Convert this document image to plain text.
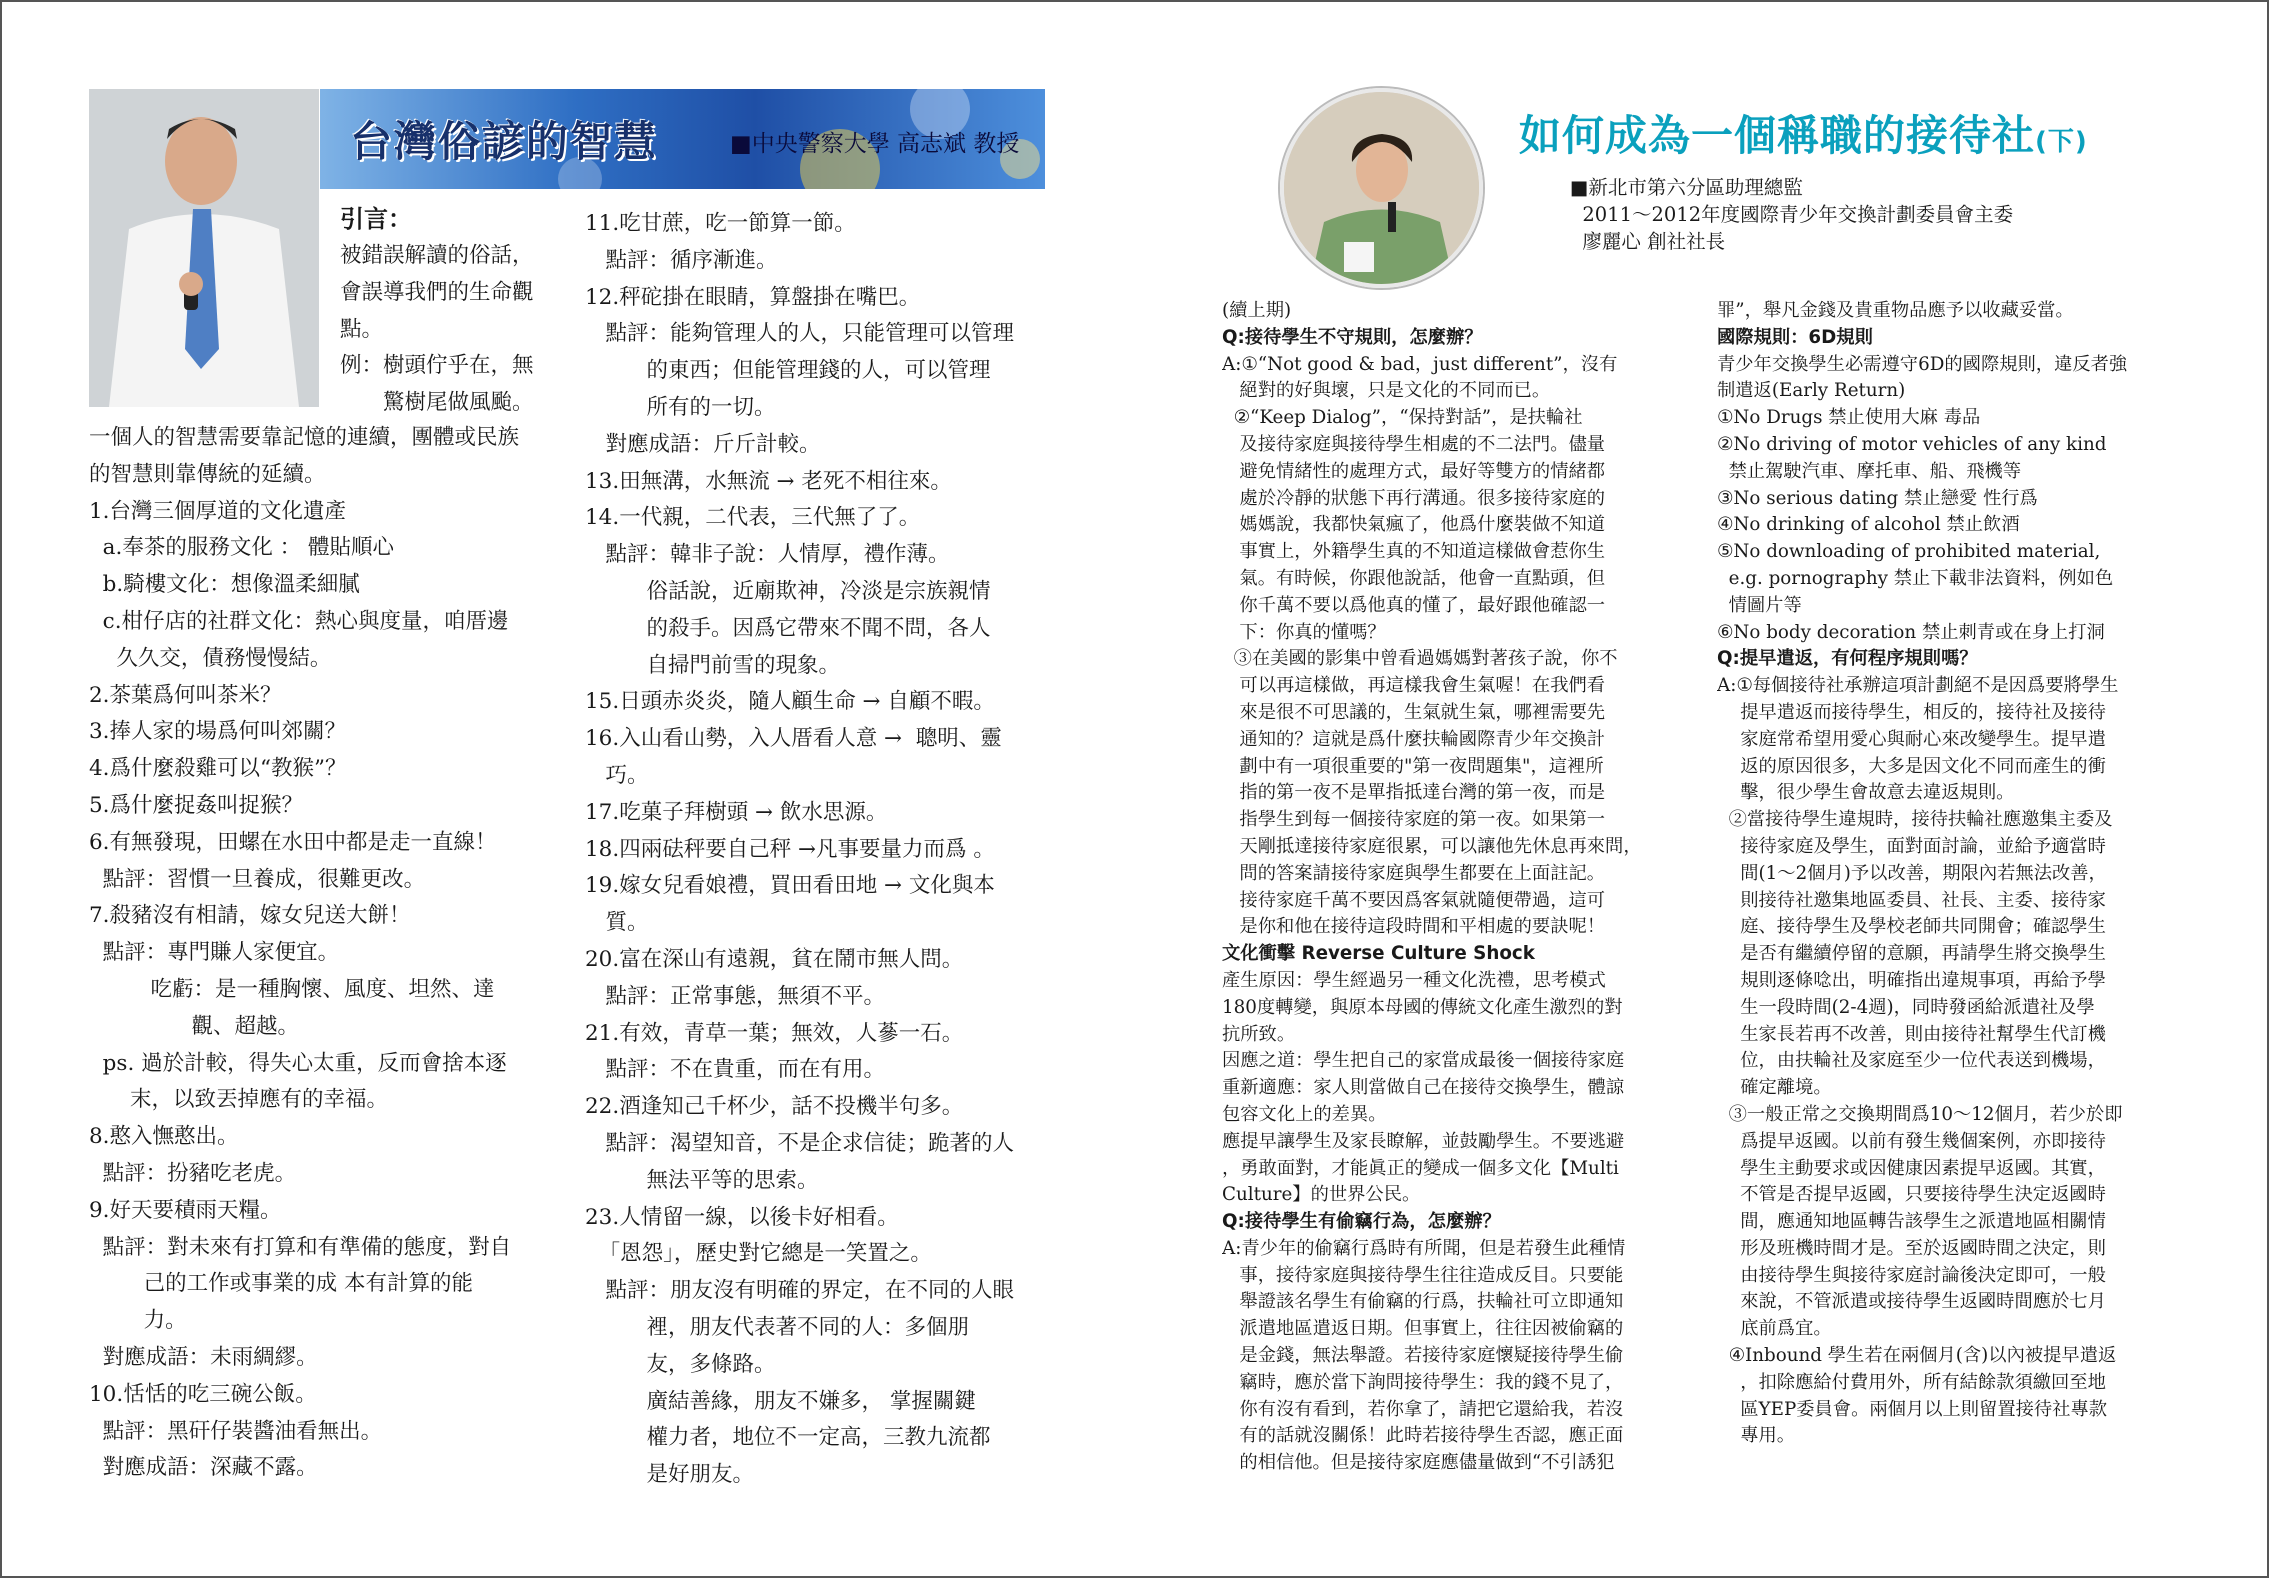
台灣俗諺的智慧	■中央警察大學 高志斌 教授
引言：
被錯誤解讀的俗話，
會誤導我們的生命觀
點。
例：樹頭佇乎在，無
　　驚樹尾做風颱。
一個人的智慧需要靠記憶的連續，團體或民族
的智慧則靠傳統的延續。
1.台灣三個厚道的文化遺產
a.奉茶的服務文化 ： 體貼順心
b.騎樓文化：想像溫柔細膩
c.柑仔店的社群文化：熱心與度量，咱厝邊
久久交，債務慢慢結。
2.茶葉爲何叫茶米？
3.捧人家的場爲何叫郊關？
4.爲什麼殺雞可以“教猴”？
5.爲什麼捉姦叫捉猴？
6.有無發現，田螺在水田中都是走一直線！
點評：習慣一旦養成，很難更改。
7.殺豬沒有相請，嫁女兒送大餅！
點評：專門賺人家便宜。
吃虧：是一種胸懷、風度、坦然、達
觀、超越。
ps. 過於計較，得失心太重，反而會捨本逐
末，以致丟掉應有的幸福。
8.憨入憮憨出。
點評：扮豬吃老虎。
9.好天要積雨天糧。
點評：對未來有打算和有準備的態度，對自
己的工作或事業的成 本有計算的能
力。
對應成語：未雨綢繆。
10.恬恬的吃三碗公飯。
點評：黑矸仔裝醬油看無出。
對應成語：深藏不露。
11.吃甘蔗，吃一節算一節。
點評：循序漸進。
12.秤砣掛在眼睛，算盤掛在嘴巴。
點評：能夠管理人的人，只能管理可以管理
的東西；但能管理錢的人，可以管理
所有的一切。
對應成語：斤斤計較。
13.田無溝，水無流 → 老死不相往來。
14.一代親，二代表，三代無了了。
點評：韓非子說：人情厚，禮作薄。
俗話說，近廟欺神，冷淡是宗族親情
的殺手。因爲它帶來不聞不問，各人
自掃門前雪的現象。
15.日頭赤炎炎，隨人顧生命 → 自顧不暇。
16.入山看山勢，入人厝看人意 →  聰明、靈
巧。
17.吃菓子拜樹頭 → 飲水思源。
18.四兩砝秤要自己秤 →凡事要量力而爲 。
19.嫁女兒看娘禮，買田看田地 → 文化與本
質。
20.富在深山有遠親，貧在鬧市無人問。
點評：正常事態，無須不平。
21.有效，青草一葉；無效，人蔘一石。
點評：不在貴重，而在有用。
22.酒逢知己千杯少，話不投機半句多。
點評：渴望知音，不是企求信徒；跪著的人
無法平等的思索。
23.人情留一線，以後卡好相看。
「恩怨」，歷史對它總是一笑置之。
點評：朋友沒有明確的界定，在不同的人眼
裡，朋友代表著不同的人：多個朋
友，多條路。
廣結善緣，朋友不嫌多， 掌握關鍵
權力者，地位不一定高，三教九流都
是好朋友。
如何成為一個稱職的接待社(下)
■新北市第六分區助理總監
2011～2012年度國際青少年交換計劃委員會主委
廖麗心 創社社長
(續上期)
Q:接待學生不守規則，怎麼辦？
A:①“Not good & bad，just different”，沒有
絕對的好與壞，只是文化的不同而已。
②“Keep Dialog”，“保持對話”，是扶輪社
及接待家庭與接待學生相處的不二法門。儘量
避免情緒性的處理方式，最好等雙方的情緒都
處於冷靜的狀態下再行溝通。很多接待家庭的
媽媽說，我都快氣瘋了，他爲什麼裝做不知道
事實上，外籍學生真的不知道這樣做會惹你生
氣。有時候，你跟他說話，他會一直點頭，但
你千萬不要以爲他真的懂了，最好跟他確認一
下：你真的懂嗎？
③在美國的影集中曾看過媽媽對著孩子說，你不
可以再這樣做，再這樣我會生氣喔！在我們看
來是很不可思議的，生氣就生氣，哪裡需要先
通知的？這就是爲什麼扶輪國際青少年交換計
劃中有一項很重要的"第一夜問題集"，這裡所
指的第一夜不是單指抵達台灣的第一夜，而是
指學生到每一個接待家庭的第一夜。如果第一
天剛抵達接待家庭很累，可以讓他先休息再來問，
問的答案請接待家庭與學生都要在上面註記。
接待家庭千萬不要因爲客氣就隨便帶過，這可
是你和他在接待這段時間和平相處的要訣呢！
文化衝擊 Reverse Culture Shock
產生原因：學生經過另一種文化洗禮，思考模式
180度轉變，與原本母國的傳統文化產生激烈的對
抗所致。
因應之道：學生把自己的家當成最後一個接待家庭
重新適應：家人則當做自己在接待交換學生，體諒
包容文化上的差異。
應提早讓學生及家長瞭解，並鼓勵學生。不要逃避
，勇敢面對，才能眞正的變成一個多文化【Multi
Culture】的世界公民。
Q:接待學生有偷竊行為，怎麼辦？
A:青少年的偷竊行爲時有所聞，但是若發生此種情
事，接待家庭與接待學生往往造成反目。只要能
舉證該名學生有偷竊的行爲，扶輪社可立即通知
派遣地區遣返日期。但事實上，往往因被偷竊的
是金錢，無法舉證。若接待家庭懷疑接待學生偷
竊時，應於當下詢問接待學生：我的錢不見了，
你有沒有看到，若你拿了，請把它還給我，若沒
有的話就沒關係！此時若接待學生否認，應正面
的相信他。但是接待家庭應儘量做到“不引誘犯
罪”，舉凡金錢及貴重物品應予以收藏妥當。
國際規則：6D規則
青少年交換學生必需遵守6D的國際規則，違反者強
制遣返(Early Return)
①No Drugs 禁止使用大麻 毒品
②No driving of motor vehicles of any kind
禁止駕駛汽車、摩托車、船、飛機等
③No serious dating 禁止戀愛 性行爲
④No drinking of alcohol 禁止飲酒
⑤No downloading of prohibited material,
e.g. pornography 禁止下載非法資料，例如色
情圖片等
⑥No body decoration 禁止刺青或在身上打洞
Q:提早遣返，有何程序規則嗎？
A:①每個接待社承辦這項計劃絕不是因爲要將學生
提早遣返而接待學生，相反的，接待社及接待
家庭常希望用愛心與耐心來改變學生。提早遣
返的原因很多，大多是因文化不同而產生的衝
擊，很少學生會故意去違返規則。
②當接待學生違規時，接待扶輪社應邀集主委及
接待家庭及學生，面對面討論，並給予適當時
間(1～2個月)予以改善，期限內若無法改善，
則接待社邀集地區委員、社長、主委、接待家
庭、接待學生及學校老師共同開會；確認學生
是否有繼續停留的意願，再請學生將交換學生
規則逐條唸出，明確指出違規事項，再給予學
生一段時間(2-4週)，同時發函給派遣社及學
生家長若再不改善，則由接待社幫學生代訂機
位，由扶輪社及家庭至少一位代表送到機場，
確定離境。
③一般正常之交換期間爲10～12個月，若少於即
爲提早返國。以前有發生幾個案例，亦即接待
學生主動要求或因健康因素提早返國。其實，
不管是否提早返國，只要接待學生決定返國時
間，應通知地區轉告該學生之派遣地區相關情
形及班機時間才是。至於返國時間之決定，則
由接待學生與接待家庭討論後決定即可，一般
來說，不管派遣或接待學生返國時間應於七月
底前爲宜。
④Inbound 學生若在兩個月(含)以內被提早遣返
，扣除應給付費用外，所有結餘款須繳回至地
區YEP委員會。兩個月以上則留置接待社專款
專用。
